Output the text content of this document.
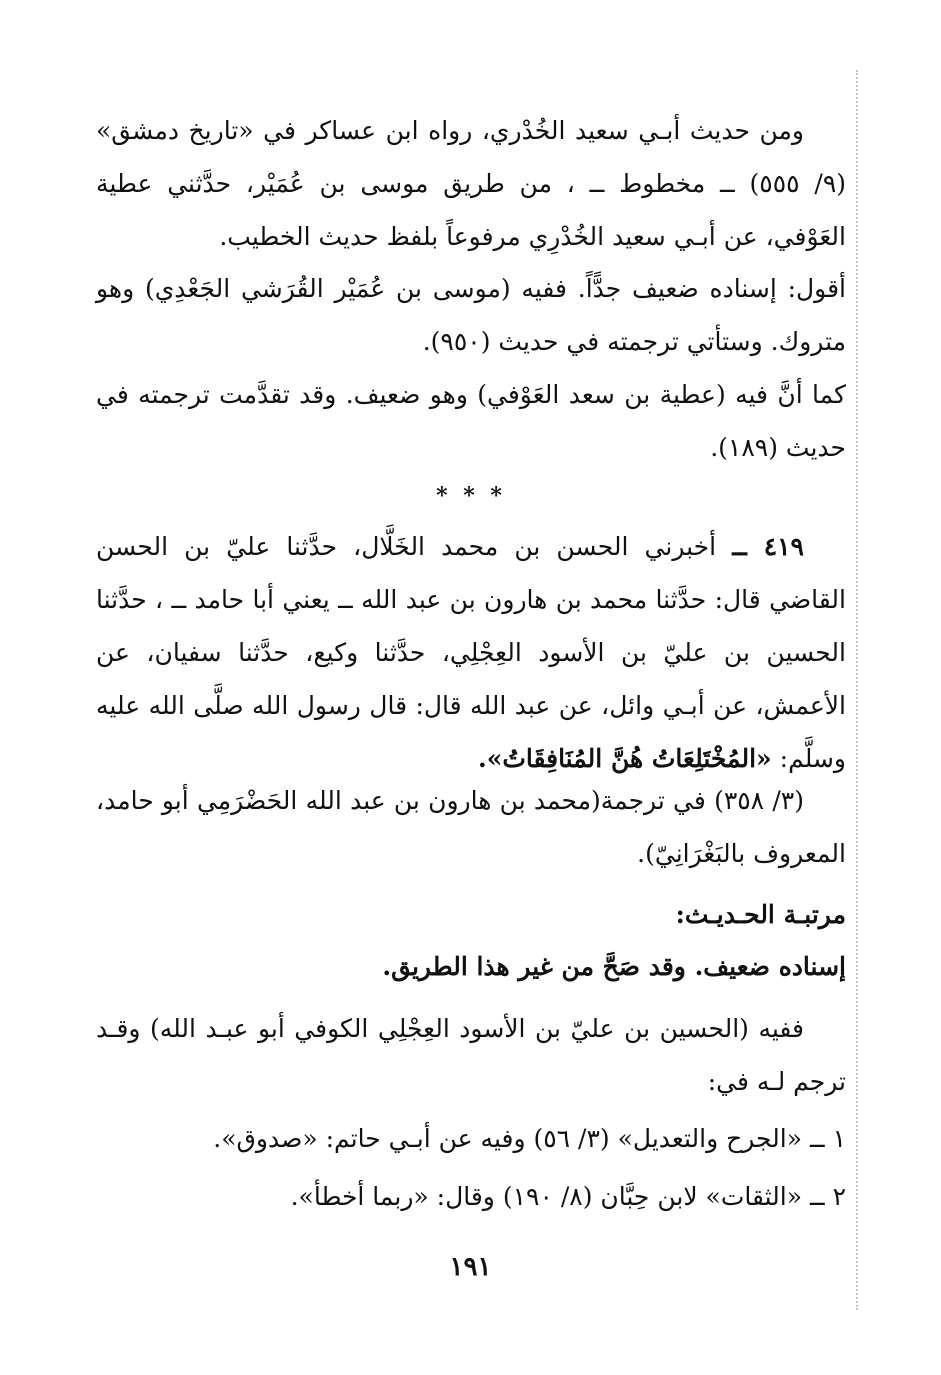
ومن حديث أبـي سعيد الخُدْري، رواه ابن عساكر في «تاريخ دمشق» (٩/ ٥٥٥) ــ مخطوط ــ ، من طريق موسى بن عُمَيْر، حدَّثني عطية العَوْفي، عن أبـي سعيد الخُدْرِي مرفوعاً بلفظ حديث الخطيب.

أقول: إسناده ضعيف جدًّاً. ففيه (موسى بن عُمَيْر القُرَشي الجَعْدِي) وهو متروك. وستأتي ترجمته في حديث (٩٥٠).

كما أنَّ فيه (عطية بن سعد العَوْفي) وهو ضعيف. وقد تقدَّمت ترجمته في حديث (١٨٩).

* * *

٤١٩ ــ أخبرني الحسن بن محمد الخَلَّال، حدَّثنا عليّ بن الحسن القاضي قال: حدَّثنا محمد بن هارون بن عبد الله ــ يعني أبا حامد ــ ، حدَّثنا الحسين بن عليّ بن الأسود العِجْلِي، حدَّثنا وكيع، حدَّثنا سفيان، عن الأعمش، عن أبـي وائل، عن عبد الله قال: قال رسول الله صلَّى الله عليه وسلَّم: «المُخْتَلِعَاتُ هُنَّ المُنَافِقَاتُ».

(٣/ ٣٥٨) في ترجمة(محمد بن هارون بن عبد الله الحَضْرَمِي أبو حامد، المعروف بالبَغْرَانِيّ).

مرتبـة الحـديـث:
إسناده ضعيف. وقد صَحَّ من غير هذا الطريق.

ففيه (الحسين بن عليّ بن الأسود العِجْلِي الكوفي أبو عبـد الله) وقـد ترجم لـه في:

١ ــ «الجرح والتعديل» (٣/ ٥٦) وفيه عن أبـي حاتم: «صدوق».
٢ ــ «الثقات» لابن حِبَّان (٨/ ١٩٠) وقال: «ربما أخطأ».
١٩١
